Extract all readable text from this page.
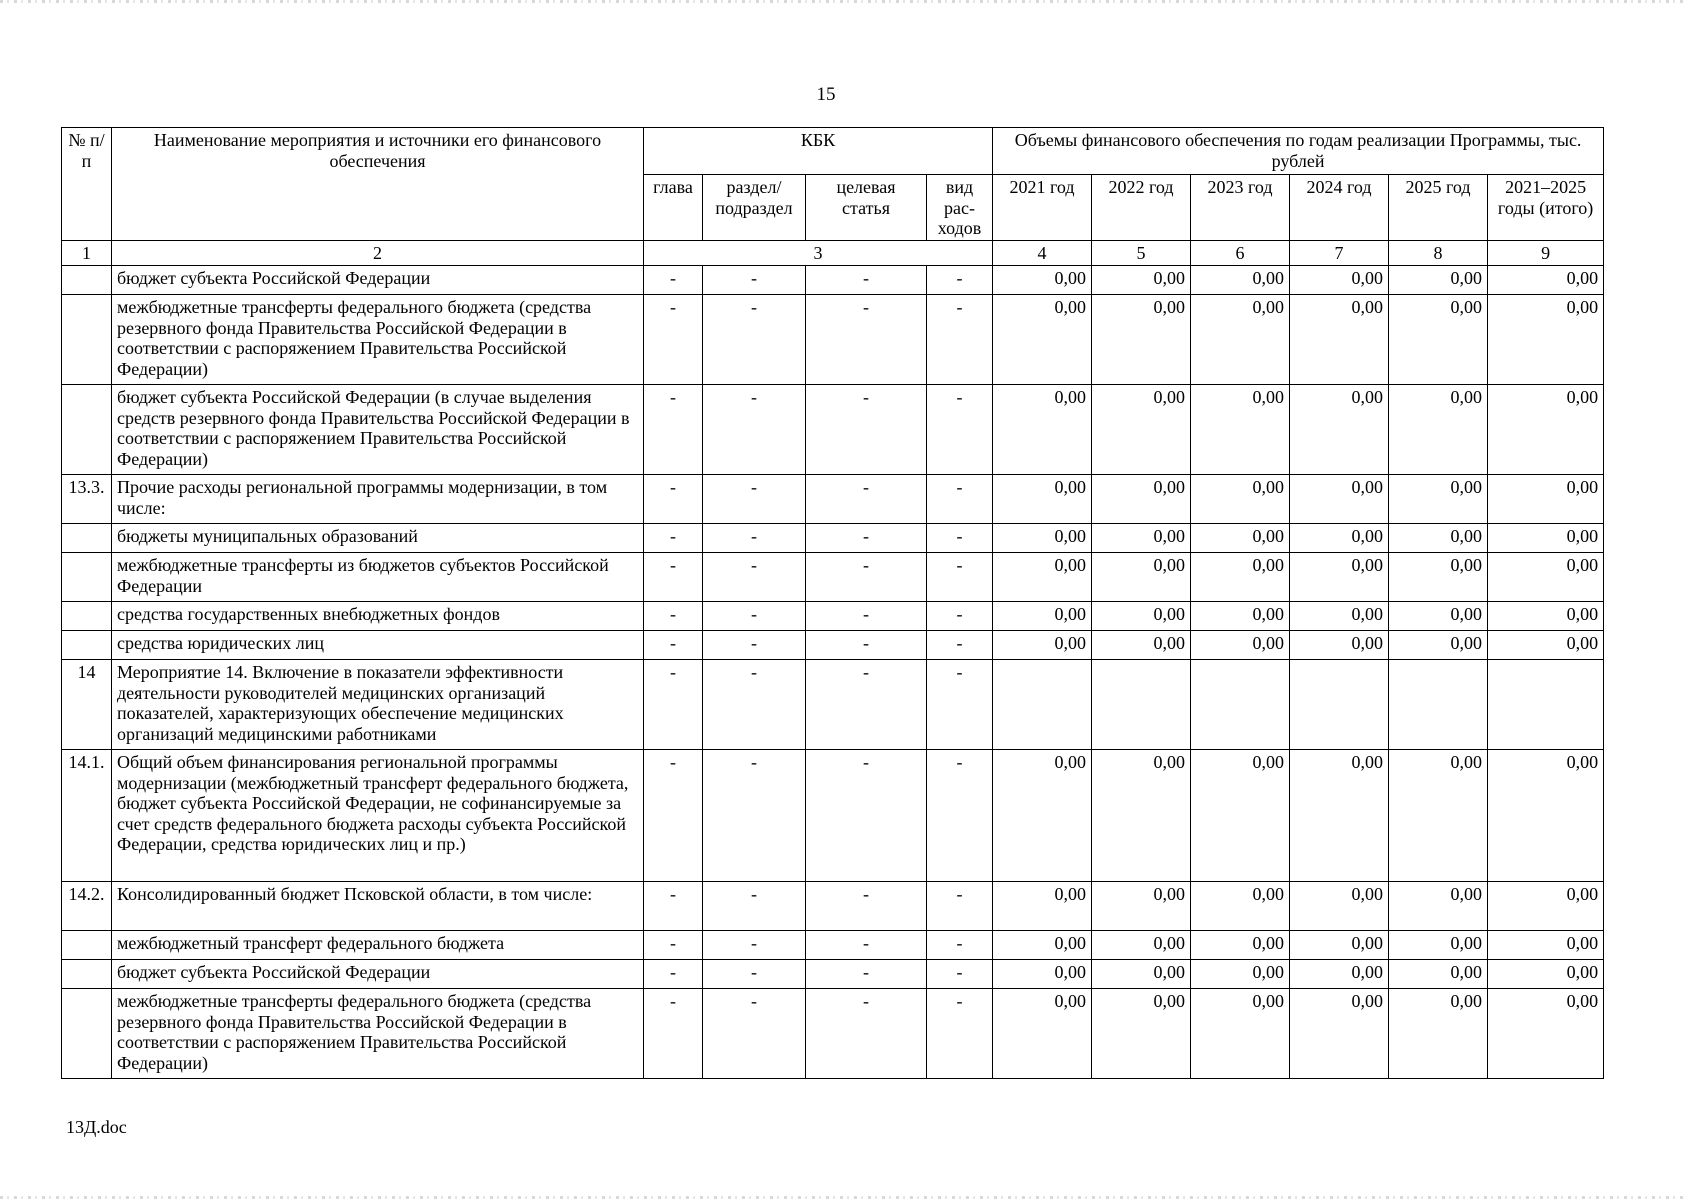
15
№ п/п	Наименование мероприятия и источники его финансового обеспечения	КБК				Объемы финансового обеспечения по годам реализации Программы, тыс. рублей					
		глава	раздел/ подраздел	целевая статья	вид рас- ходов	2021 год	2022 год	2023 год	2024 год	2025 год	2021–2025 годы (итого)
1	2	3				4	5	6	7	8	9
	бюджет субъекта Российской Федерации	-	-	-	-	0,00	0,00	0,00	0,00	0,00	0,00
	межбюджетные трансферты федерального бюджета (средства резервного фонда Правительства Российской Федерации в соответствии с распоряжением Правительства Российской Федерации)	-	-	-	-	0,00	0,00	0,00	0,00	0,00	0,00
	бюджет субъекта Российской Федерации (в случае выделения средств резервного фонда Правительства Российской Федерации в соответствии с распоряжением Правительства Российской Федерации)	-	-	-	-	0,00	0,00	0,00	0,00	0,00	0,00
13.3.	Прочие расходы региональной программы модернизации, в том числе:	-	-	-	-	0,00	0,00	0,00	0,00	0,00	0,00
	бюджеты муниципальных образований	-	-	-	-	0,00	0,00	0,00	0,00	0,00	0,00
	межбюджетные трансферты из бюджетов субъектов Российской Федерации	-	-	-	-	0,00	0,00	0,00	0,00	0,00	0,00
	средства государственных внебюджетных фондов	-	-	-	-	0,00	0,00	0,00	0,00	0,00	0,00
	средства юридических лиц	-	-	-	-	0,00	0,00	0,00	0,00	0,00	0,00
14	Мероприятие 14. Включение в показатели эффективности деятельности руководителей медицинских организаций показателей, характеризующих обеспечение медицинских организаций медицинскими работниками	-	-	-	-						
14.1.	Общий объем финансирования региональной программы модернизации (межбюджетный трансферт федерального бюджета, бюджет субъекта Российской Федерации, не софинансируемые за счет средств федерального бюджета расходы субъекта Российской Федерации, средства юридических лиц и пр.)	-	-	-	-	0,00	0,00	0,00	0,00	0,00	0,00
14.2.	Консолидированный бюджет Псковской области, в том числе:	-	-	-	-	0,00	0,00	0,00	0,00	0,00	0,00
	межбюджетный трансферт федерального бюджета	-	-	-	-	0,00	0,00	0,00	0,00	0,00	0,00
	бюджет субъекта Российской Федерации	-	-	-	-	0,00	0,00	0,00	0,00	0,00	0,00
	межбюджетные трансферты федерального бюджета (средства резервного фонда Правительства Российской Федерации в соответствии с распоряжением Правительства Российской Федерации)	-	-	-	-	0,00	0,00	0,00	0,00	0,00	0,00
13Д.doc
